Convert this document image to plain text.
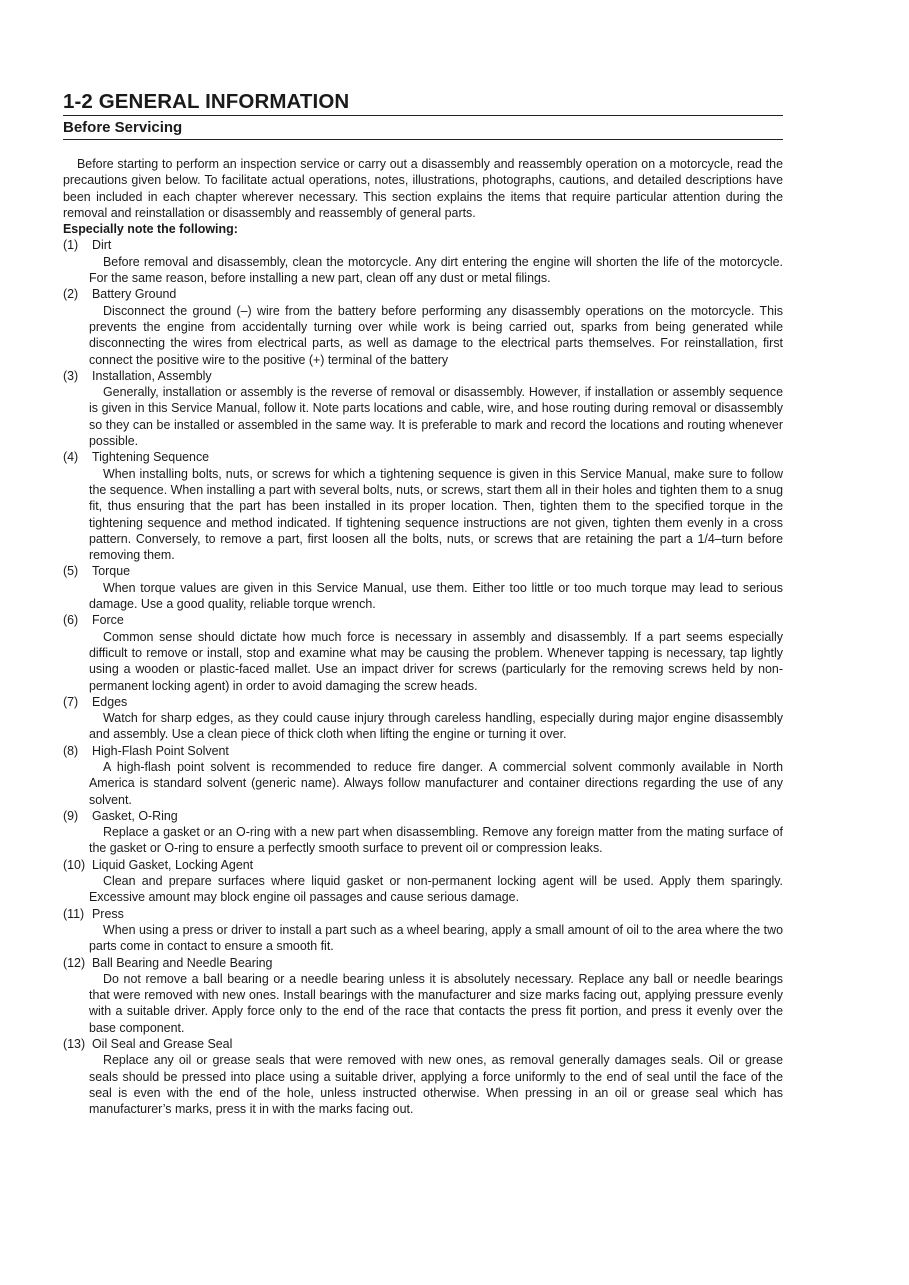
1-2 GENERAL INFORMATION
Before Servicing

Before starting to perform an inspection service or carry out a disassembly and reassembly operation on a motorcycle, read the precautions given below. To facilitate actual operations, notes, illustrations, photographs, cautions, and detailed descriptions have been included in each chapter wherever necessary. This section explains the items that require particular attention during the removal and reinstallation or disassembly and reassembly of general parts.

Especially note the following:

(1) Dirt

Before removal and disassembly, clean the motorcycle. Any dirt entering the engine will shorten the life of the motorcycle. For the same reason, before installing a new part, clean off any dust or metal filings.

(2) Battery Ground

Disconnect the ground (–) wire from the battery before performing any disassembly operations on the motorcycle. This prevents the engine from accidentally turning over while work is being carried out, sparks from being generated while disconnecting the wires from electrical parts, as well as damage to the electrical parts themselves. For reinstallation, first connect the positive wire to the positive (+) terminal of the battery

(3) Installation, Assembly

Generally, installation or assembly is the reverse of removal or disassembly. However, if installation or assembly sequence is given in this Service Manual, follow it. Note parts locations and cable, wire, and hose routing during removal or disassembly so they can be installed or assembled in the same way. It is preferable to mark and record the locations and routing whenever possible.

(4) Tightening Sequence

When installing bolts, nuts, or screws for which a tightening sequence is given in this Service Manual, make sure to follow the sequence. When installing a part with several bolts, nuts, or screws, start them all in their holes and tighten them to a snug fit, thus ensuring that the part has been installed in its proper location. Then, tighten them to the specified torque in the tightening sequence and method indicated. If tightening sequence instructions are not given, tighten them evenly in a cross pattern. Conversely, to remove a part, first loosen all the bolts, nuts, or screws that are retaining the part a 1/4–turn before removing them.

(5) Torque

When torque values are given in this Service Manual, use them. Either too little or too much torque may lead to serious damage. Use a good quality, reliable torque wrench.

(6) Force

Common sense should dictate how much force is necessary in assembly and disassembly. If a part seems especially difficult to remove or install, stop and examine what may be causing the problem. Whenever tapping is necessary, tap lightly using a wooden or plastic-faced mallet. Use an impact driver for screws (particularly for the removing screws held by non-permanent locking agent) in order to avoid damaging the screw heads.

(7) Edges

Watch for sharp edges, as they could cause injury through careless handling, especially during major engine disassembly and assembly. Use a clean piece of thick cloth when lifting the engine or turning it over.

(8) High-Flash Point Solvent

A high-flash point solvent is recommended to reduce fire danger. A commercial solvent commonly available in North America is standard solvent (generic name). Always follow manufacturer and container directions regarding the use of any solvent.

(9) Gasket, O-Ring

Replace a gasket or an O-ring with a new part when disassembling. Remove any foreign matter from the mating surface of the gasket or O-ring to ensure a perfectly smooth surface to prevent oil or compression leaks.

(10) Liquid Gasket, Locking Agent

Clean and prepare surfaces where liquid gasket or non-permanent locking agent will be used. Apply them sparingly. Excessive amount may block engine oil passages and cause serious damage.

(11) Press

When using a press or driver to install a part such as a wheel bearing, apply a small amount of oil to the area where the two parts come in contact to ensure a smooth fit.

(12) Ball Bearing and Needle Bearing

Do not remove a ball bearing or a needle bearing unless it is absolutely necessary. Replace any ball or needle bearings that were removed with new ones. Install bearings with the manufacturer and size marks facing out, applying pressure evenly with a suitable driver. Apply force only to the end of the race that contacts the press fit portion, and press it evenly over the base component.

(13) Oil Seal and Grease Seal

Replace any oil or grease seals that were removed with new ones, as removal generally damages seals. Oil or grease seals should be pressed into place using a suitable driver, applying a force uniformly to the end of seal until the face of the seal is even with the end of the hole, unless instructed otherwise. When pressing in an oil or grease seal which has manufacturer’s marks, press it in with the marks facing out.
